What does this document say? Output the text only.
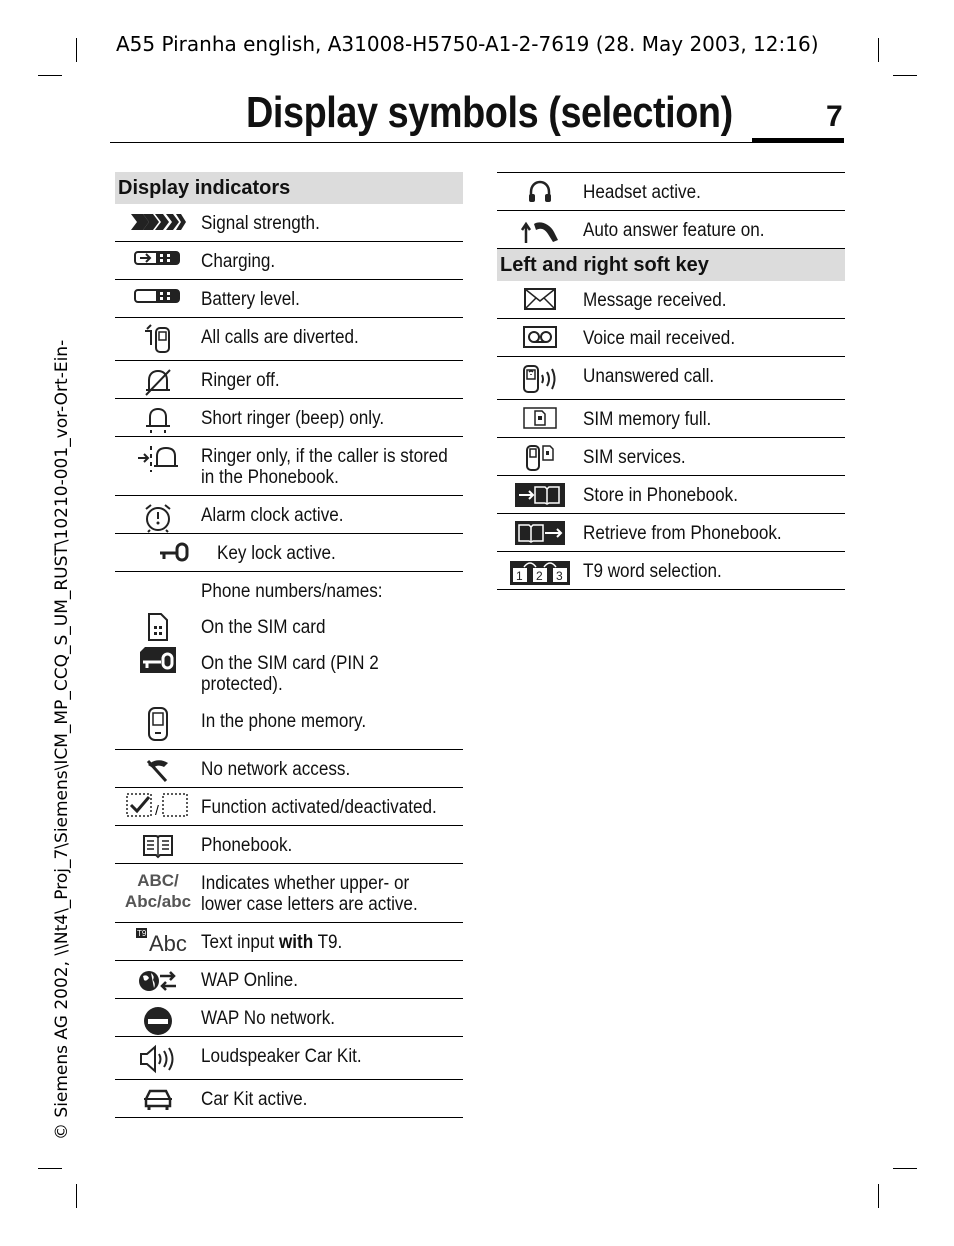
A55 Piranha english, A31008-H5750-A1-2-7619 (28. May 2003, 12:16)
© Siemens AG 2002, \\Nt4\_Proj_7\Siemens\ICM_MP_CCQ_S_UM_RUST\10210-001_vor-Ort-Ein-
Display symbols (selection)	7
Display indicators
Signal strength.
Charging.
Battery level.
All calls are diverted.
Ringer off.
Short ringer (beep) only.
Ringer only, if the caller is stored
in the Phonebook.
Alarm clock active.
Key lock active.
Phone numbers/names:
On the SIM card
On the SIM card (PIN 2
protected).
In the phone memory.
No network access.
/ Function activated/deactivated.
Phonebook.
ABC/
Abc/abc
Indicates whether upper- or
lower case letters are active.
T9 Abc Text input with T9.
WAP Online.
WAP No network.
Loudspeaker Car Kit.
Car Kit active.
Headset active.
Auto answer feature on.
Left and right soft key
Message received.
Voice mail received.
Unanswered call.
SIM memory full.
SIM services.
Store in Phonebook.
Retrieve from Phonebook.
1 2 3 T9 word selection.
